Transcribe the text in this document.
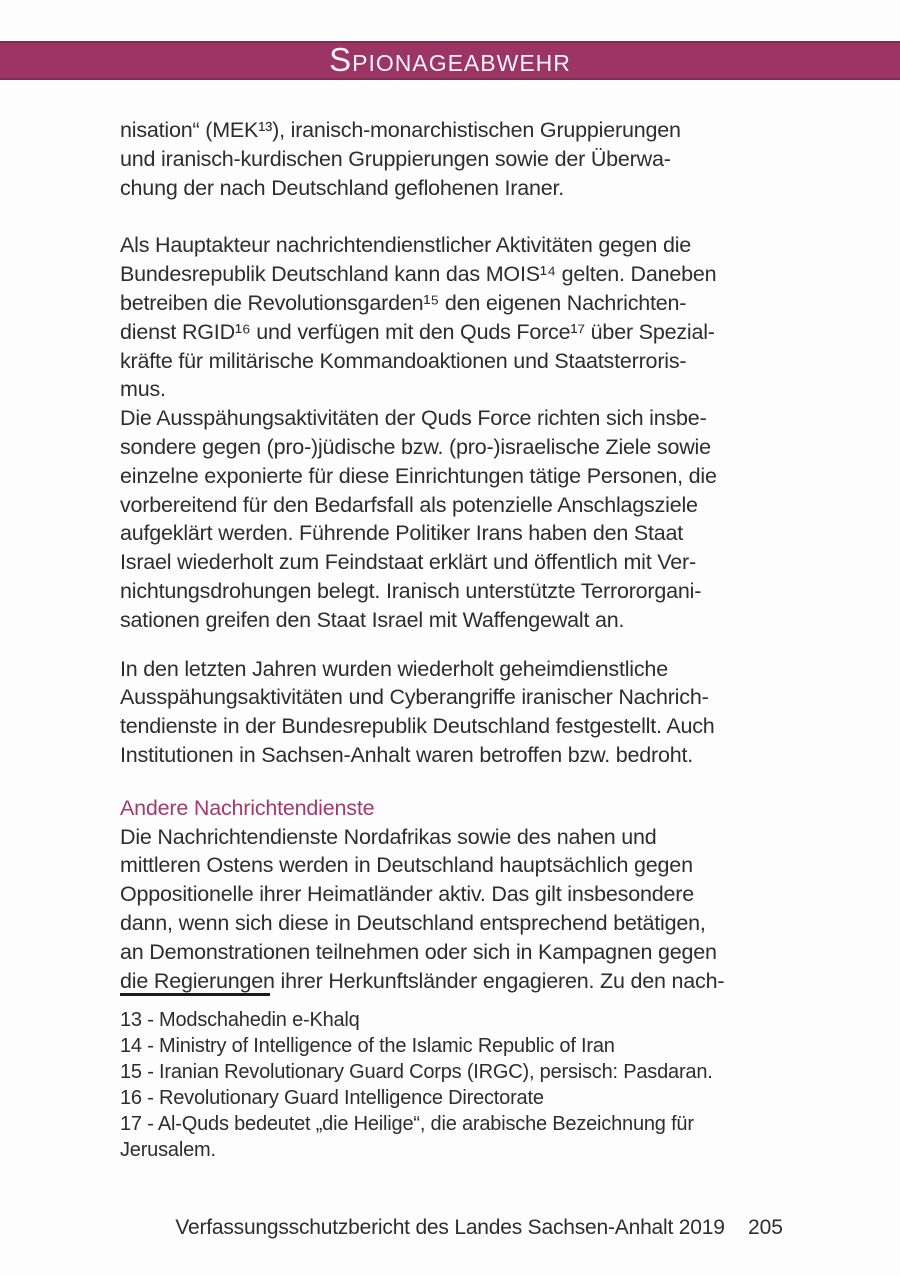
Spionageabwehr
nisation“ (MEK¹³), iranisch-monarchistischen Gruppierungen
und iranisch-kurdischen Gruppierungen sowie der Überwa-
chung der nach Deutschland geflohenen Iraner.
Als Hauptakteur nachrichtendienstlicher Aktivitäten gegen die
Bundesrepublik Deutschland kann das MOIS¹⁴ gelten. Daneben
betreiben die Revolutionsgarden¹⁵ den eigenen Nachrichten-
dienst RGID¹⁶ und verfügen mit den Quds Force¹⁷ über Spezial-
kräfte für militärische Kommandoaktionen und Staatsterroris-
mus.
Die Ausspähungsaktivitäten der Quds Force richten sich insbe-
sondere gegen (pro-)jüdische bzw. (pro-)israelische Ziele sowie
einzelne exponierte für diese Einrichtungen tätige Personen, die
vorbereitend für den Bedarfsfall als potenzielle Anschlagsziele
aufgeklärt werden. Führende Politiker Irans haben den Staat
Israel wiederholt zum Feindstaat erklärt und öffentlich mit Ver-
nichtungsdrohungen belegt. Iranisch unterstützte Terrororgani-
sationen greifen den Staat Israel mit Waffengewalt an.
In den letzten Jahren wurden wiederholt geheimdienstliche
Ausspähungsaktivitäten und Cyberangriffe iranischer Nachrich-
tendienste in der Bundesrepublik Deutschland festgestellt. Auch
Institutionen in Sachsen-Anhalt waren betroffen bzw. bedroht.
Andere Nachrichtendienste
Die Nachrichtendienste Nordafrikas sowie des nahen und
mittleren Ostens werden in Deutschland hauptsächlich gegen
Oppositionelle ihrer Heimatländer aktiv. Das gilt insbesondere
dann, wenn sich diese in Deutschland entsprechend betätigen,
an Demonstrationen teilnehmen oder sich in Kampagnen gegen
die Regierungen ihrer Herkunftsländer engagieren. Zu den nach-
13 - Modschahedin e-Khalq
14 - Ministry of Intelligence of the Islamic Republic of Iran
15 - Iranian Revolutionary Guard Corps (IRGC), persisch: Pasdaran.
16 - Revolutionary Guard Intelligence Directorate
17 - Al-Quds bedeutet „die Heilige“, die arabische Bezeichnung für
Jerusalem.
Verfassungsschutzbericht des Landes Sachsen-Anhalt 2019	205
